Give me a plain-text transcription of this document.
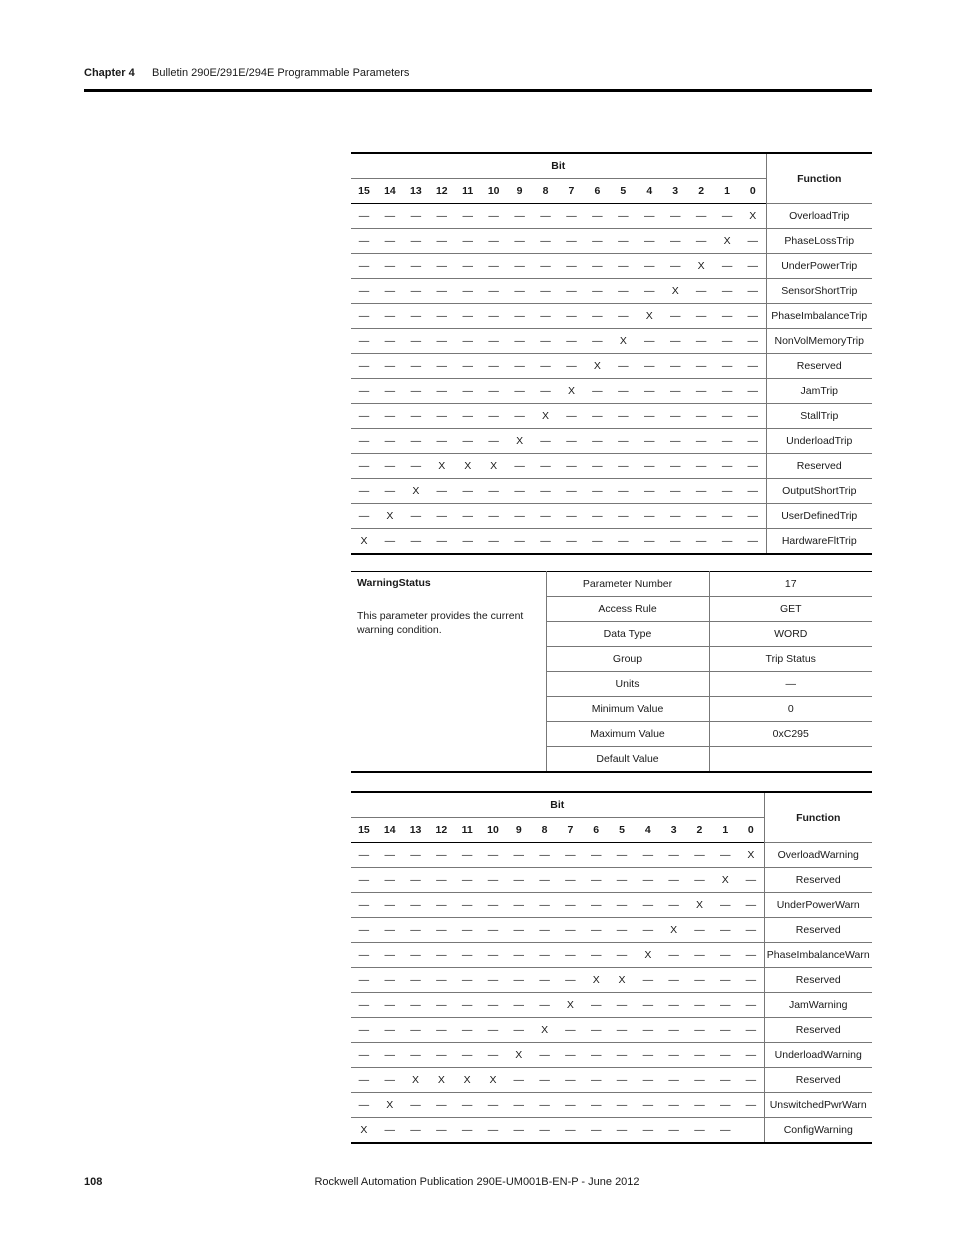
Chapter 4 Bulletin 290E/291E/294E Programmable Parameters
Bit																Function
15	14	13	12	11	10	9	8	7	6	5	4	3	2	1	0	
—	—	—	—	—	—	—	—	—	—	—	—	—	—	—	X	OverloadTrip
—	—	—	—	—	—	—	—	—	—	—	—	—	—	X	—	PhaseLossTrip
—	—	—	—	—	—	—	—	—	—	—	—	—	X	—	—	UnderPowerTrip
—	—	—	—	—	—	—	—	—	—	—	—	X	—	—	—	SensorShortTrip
—	—	—	—	—	—	—	—	—	—	—	X	—	—	—	—	PhaseImbalanceTrip
—	—	—	—	—	—	—	—	—	—	X	—	—	—	—	—	NonVolMemoryTrip
—	—	—	—	—	—	—	—	—	X	—	—	—	—	—	—	Reserved
—	—	—	—	—	—	—	—	X	—	—	—	—	—	—	—	JamTrip
—	—	—	—	—	—	—	X	—	—	—	—	—	—	—	—	StallTrip
—	—	—	—	—	—	X	—	—	—	—	—	—	—	—	—	UnderloadTrip
—	—	—	X	X	X	—	—	—	—	—	—	—	—	—	—	Reserved
—	—	X	—	—	—	—	—	—	—	—	—	—	—	—	—	OutputShortTrip
—	X	—	—	—	—	—	—	—	—	—	—	—	—	—	—	UserDefinedTrip
X	—	—	—	—	—	—	—	—	—	—	—	—	—	—	—	HardwareFltTrip
WarningStatus
This parameter provides the current warning condition.	Parameter Number	17
	Access Rule	GET
	Data Type	WORD
	Group	Trip Status
	Units	—
	Minimum Value	0
	Maximum Value	0xC295
	Default Value	
Bit																Function
15	14	13	12	11	10	9	8	7	6	5	4	3	2	1	0	
—	—	—	—	—	—	—	—	—	—	—	—	—	—	—	X	OverloadWarning
—	—	—	—	—	—	—	—	—	—	—	—	—	—	X	—	Reserved
—	—	—	—	—	—	—	—	—	—	—	—	—	X	—	—	UnderPowerWarn
—	—	—	—	—	—	—	—	—	—	—	—	X	—	—	—	Reserved
—	—	—	—	—	—	—	—	—	—	—	X	—	—	—	—	PhaseImbalanceWarn
—	—	—	—	—	—	—	—	—	X	X	—	—	—	—	—	Reserved
—	—	—	—	—	—	—	—	X	—	—	—	—	—	—	—	JamWarning
—	—	—	—	—	—	—	X	—	—	—	—	—	—	—	—	Reserved
—	—	—	—	—	—	X	—	—	—	—	—	—	—	—	—	UnderloadWarning
—	—	X	X	X	X	—	—	—	—	—	—	—	—	—	—	Reserved
—	X	—	—	—	—	—	—	—	—	—	—	—	—	—	—	UnswitchedPwrWarn
X	—	—	—	—	—	—	—	—	—	—	—	—	—	—		ConfigWarning
108	Rockwell Automation Publication 290E-UM001B-EN-P - June 2012
